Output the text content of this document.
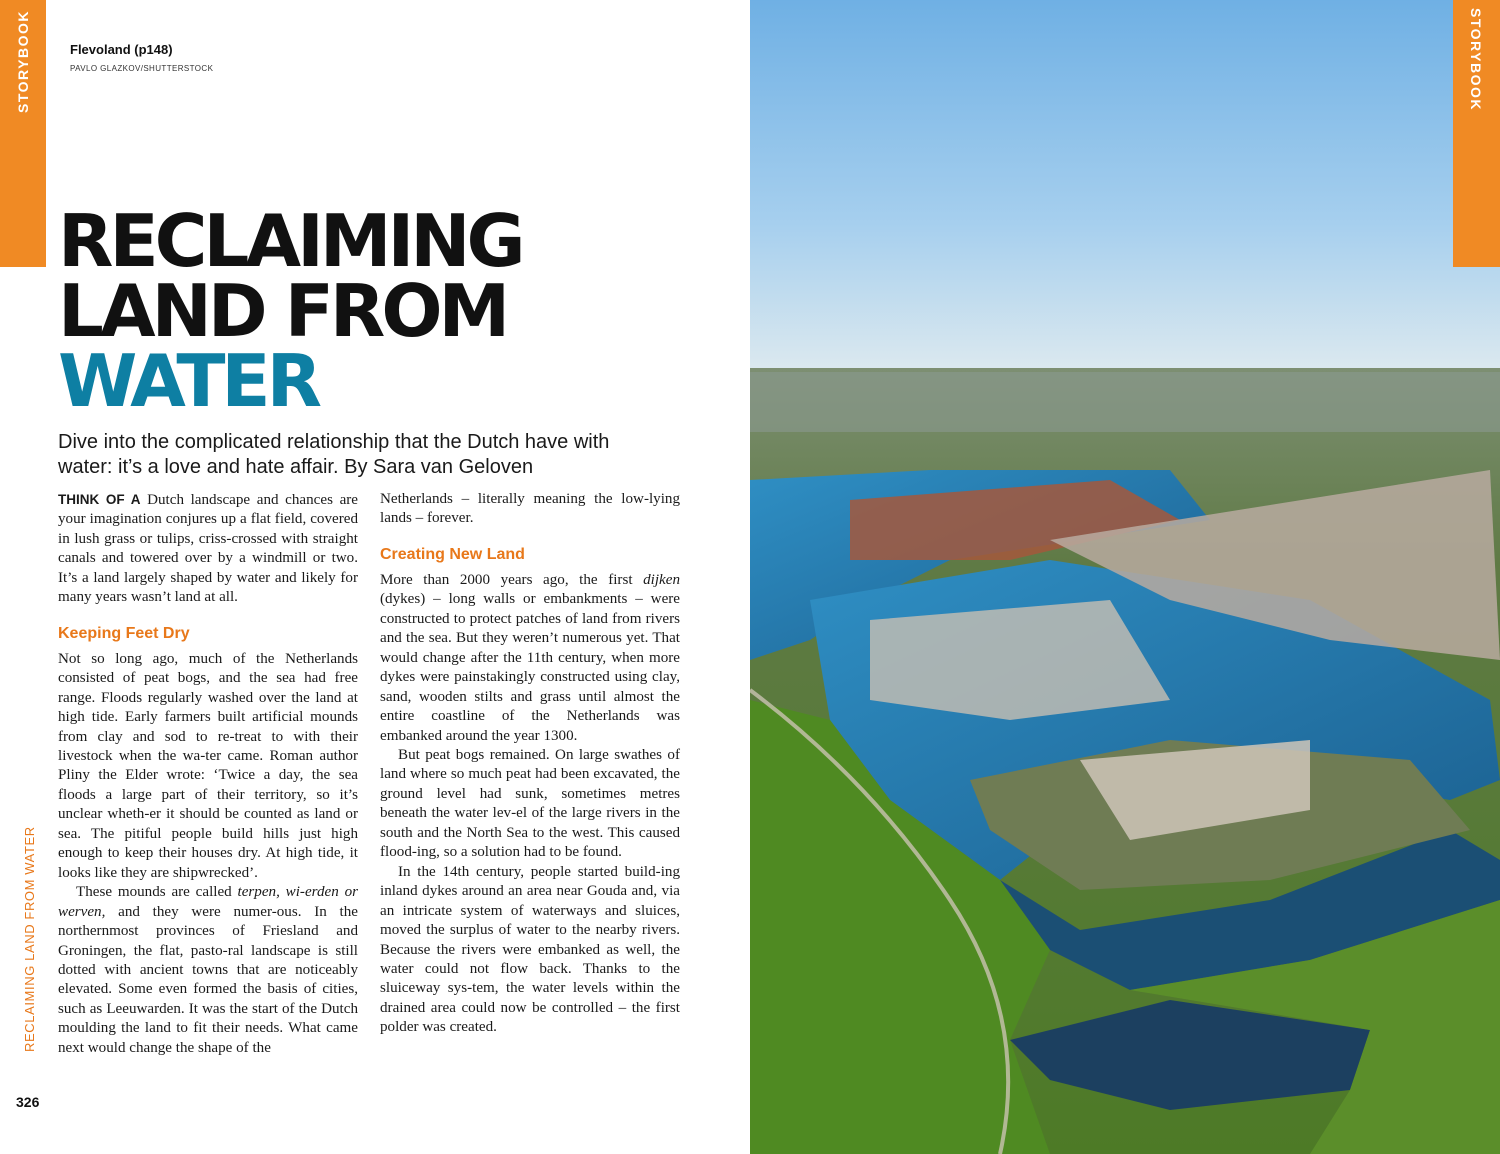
STORYBOOK	Flevoland (p148)
PAVLO GLAZKOV/SHUTTERSTOCK
RECLAIMING
LAND FROM
WATER
Dive into the complicated relationship that the Dutch have with water: it’s a love and hate affair. By Sara van Geloven

THINK OF A Dutch landscape and chances are your imagination conjures up a flat field, covered in lush grass or tulips, criss-crossed with straight canals and towered over by a windmill or two. It’s a land largely shaped by water and likely for many years wasn’t land at all.

Keeping Feet Dry

Not so long ago, much of the Netherlands consisted of peat bogs, and the sea had free range. Floods regularly washed over the land at high tide. Early farmers built artificial mounds from clay and sod to re-treat to with their livestock when the wa-ter came. Roman author Pliny the Elder wrote: ‘Twice a day, the sea floods a large part of their territory, so it’s unclear wheth-er it should be counted as land or sea. The pitiful people build hills just high enough to keep their houses dry. At high tide, it looks like they are shipwrecked’.

These mounds are called terpen, wi-erden or werven, and they were numer-ous. In the northernmost provinces of Friesland and Groningen, the flat, pasto-ral landscape is still dotted with ancient towns that are noticeably elevated. Some even formed the basis of cities, such as Leeuwarden. It was the start of the Dutch moulding the land to fit their needs. What came next would change the shape of the

Netherlands – literally meaning the low-lying lands – forever.

Creating New Land

More than 2000 years ago, the first dijken (dykes) – long walls or embankments – were constructed to protect patches of land from rivers and the sea. But they weren’t numerous yet. That would change after the 11th century, when more dykes were painstakingly constructed using clay, sand, wooden stilts and grass until almost the entire coastline of the Netherlands was embanked around the year 1300.

But peat bogs remained. On large swathes of land where so much peat had been excavated, the ground level had sunk, sometimes metres beneath the water lev-el of the large rivers in the south and the North Sea to the west. This caused flood-ing, so a solution had to be found.

In the 14th century, people started build-ing inland dykes around an area near Gouda and, via an intricate system of waterways and sluices, moved the surplus of water to the nearby rivers. Because the rivers were embanked as well, the water could not flow back. Thanks to the sluiceway sys-tem, the water levels within the drained area could now be controlled – the first polder was created.

RECLAIMING LAND FROM WATER
326
STORYBOOK
